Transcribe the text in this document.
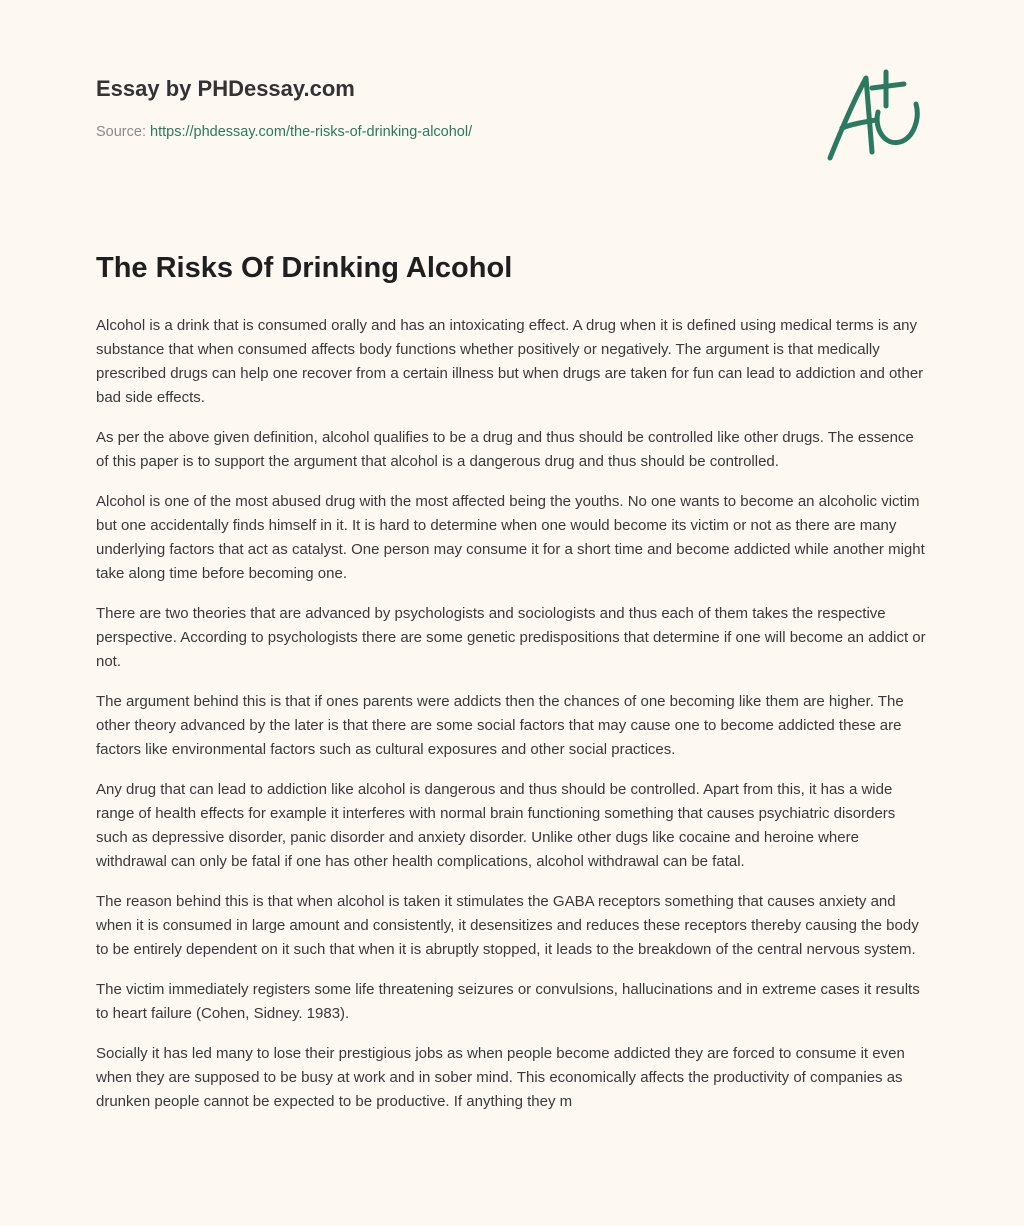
Essay by PHDessay.com
Source: https://phdessay.com/the-risks-of-drinking-alcohol/
The Risks Of Drinking Alcohol

Alcohol is a drink that is consumed orally and has an intoxicating effect. A drug when it is defined using medical terms is any substance that when consumed affects body functions whether positively or negatively. The argument is that medically prescribed drugs can help one recover from a certain illness but when drugs are taken for fun can lead to addiction and other bad side effects.

As per the above given definition, alcohol qualifies to be a drug and thus should be controlled like other drugs. The essence of this paper is to support the argument that alcohol is a dangerous drug and thus should be controlled.

Alcohol is one of the most abused drug with the most affected being the youths. No one wants to become an alcoholic victim but one accidentally finds himself in it. It is hard to determine when one would become its victim or not as there are many underlying factors that act as catalyst. One person may consume it for a short time and become addicted while another might take along time before becoming one.

There are two theories that are advanced by psychologists and sociologists and thus each of them takes the respective perspective. According to psychologists there are some genetic predispositions that determine if one will become an addict or not.

The argument behind this is that if ones parents were addicts then the chances of one becoming like them are higher. The other theory advanced by the later is that there are some social factors that may cause one to become addicted these are factors like environmental factors such as cultural exposures and other social practices.

Any drug that can lead to addiction like alcohol is dangerous and thus should be controlled. Apart from this, it has a wide range of health effects for example it interferes with normal brain functioning something that causes psychiatric disorders such as depressive disorder, panic disorder and anxiety disorder. Unlike other dugs like cocaine and heroine where withdrawal can only be fatal if one has other health complications, alcohol withdrawal can be fatal.

The reason behind this is that when alcohol is taken it stimulates the GABA receptors something that causes anxiety and when it is consumed in large amount and consistently, it desensitizes and reduces these receptors thereby causing the body to be entirely dependent on it such that when it is abruptly stopped, it leads to the breakdown of the central nervous system.

The victim immediately registers some life threatening seizures or convulsions, hallucinations and in extreme cases it results to heart failure (Cohen, Sidney. 1983).

Socially it has led many to lose their prestigious jobs as when people become addicted they are forced to consume it even when they are supposed to be busy at work and in sober mind. This economically affects the productivity of companies as drunken people cannot be expected to be productive. If anything they m
